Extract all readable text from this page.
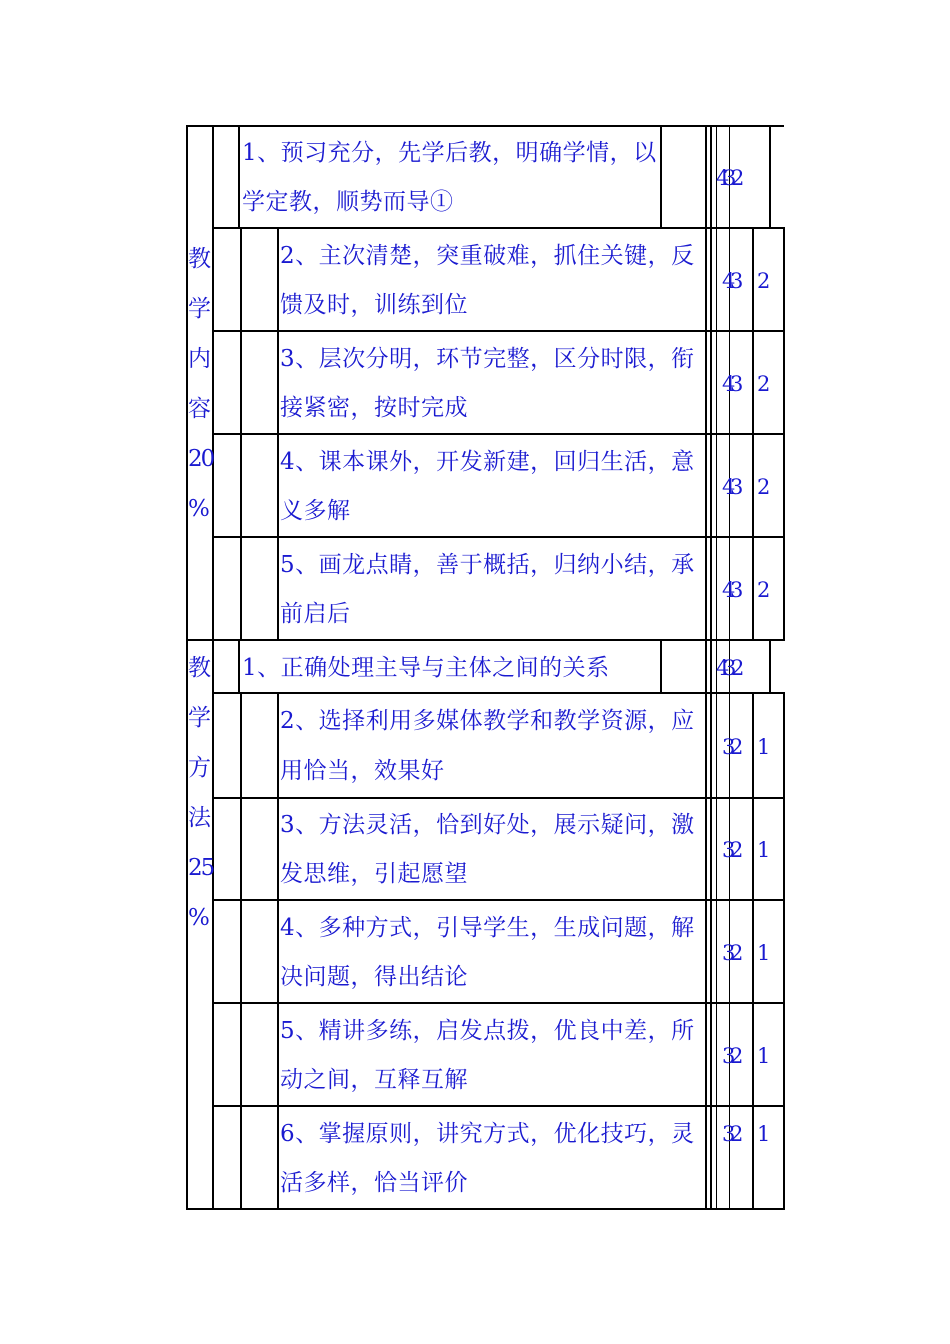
教
学
内
容
20
%
1、预习充分，先学后教，明确学情，以
学定教，顺势而导①
4 3 2
2、主次清楚，突重破难，抓住关键，反
馈及时，训练到位
4 3 2
3、层次分明，环节完整，区分时限，衔
接紧密，按时完成
4 3 2
4、课本课外，开发新建，回归生活，意
义多解
4 3 2
5、画龙点睛，善于概括，归纳小结，承
前启后
4 3 2
教
学
方
法
25
%
1、正确处理主导与主体之间的关系	4 3 2
2、选择利用多媒体教学和教学资源，应
用恰当，效果好
3 2 1
3、方法灵活，恰到好处，展示疑问，激
发思维，引起愿望
3 2 1
4、多种方式，引导学生，生成问题，解
决问题，得出结论
3 2 1
5、精讲多练，启发点拨，优良中差，所
动之间，互释互解
3 2 1
6、掌握原则，讲究方式，优化技巧，灵
活多样，恰当评价
3 2 1
